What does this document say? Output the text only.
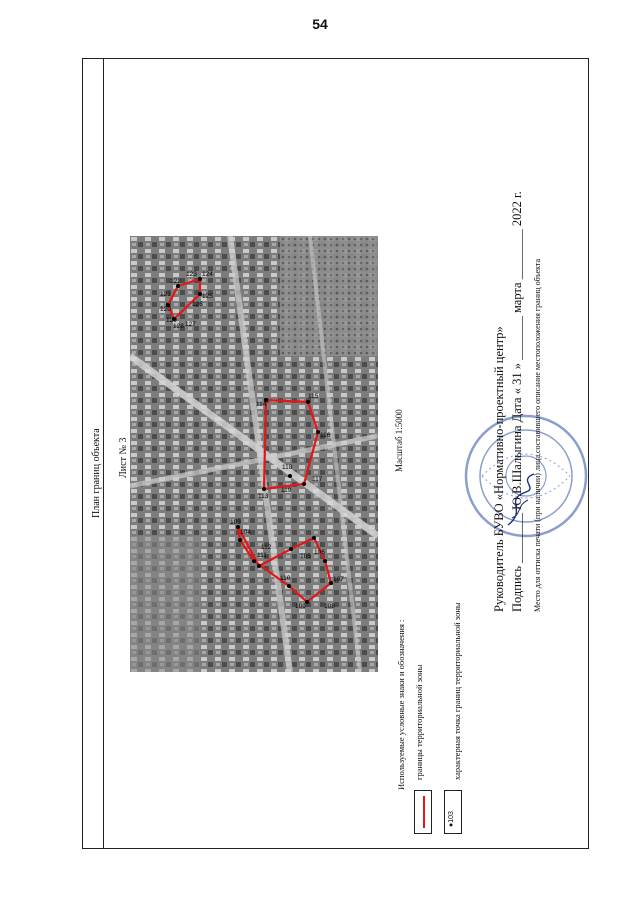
54
План границ объекта Лист № 3
103
104
105
106
107
108
109
110
111
112
113
114
115
116
117
118
119
120
121
122
123 124
125
126
127
128
129
Масштаб 1:5000
Используемые условные знаки и обозначения : границы территориальной зоны
●103
характерная точка границ территориальной зоны
Руководитель БУВО «Нормативно-проектный центр» Подпись ________ Ю.В.Шалыгина Дата « 31 » _______ марта ________ 2022 г. Место для оттиска печати (при наличии) лица,составившего описание местоположения границ объекта
